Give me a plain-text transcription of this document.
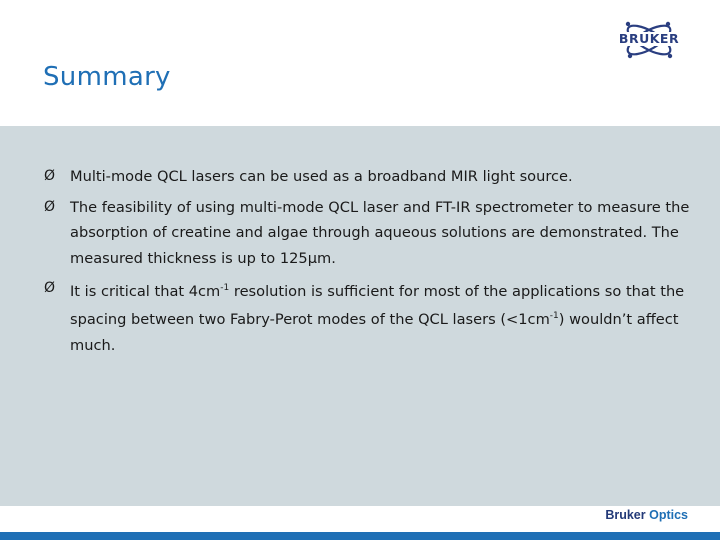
Summary
BRUKER
Ø Multi-mode QCL lasers can be used as a broadband MIR light source.
Ø The feasibility of using multi-mode QCL laser and FT-IR spectrometer to measure the absorption of creatine and algae through aqueous solutions are demonstrated. The measured thickness is up to 125μm.
Ø It is critical that $4cm^{-1}$ resolution is sufficient for most of the applications so that the spacing between two Fabry-Perot modes of the QCL lasers $(<1cm^{-1})$ wouldn’t affect much.
Bruker Optics
